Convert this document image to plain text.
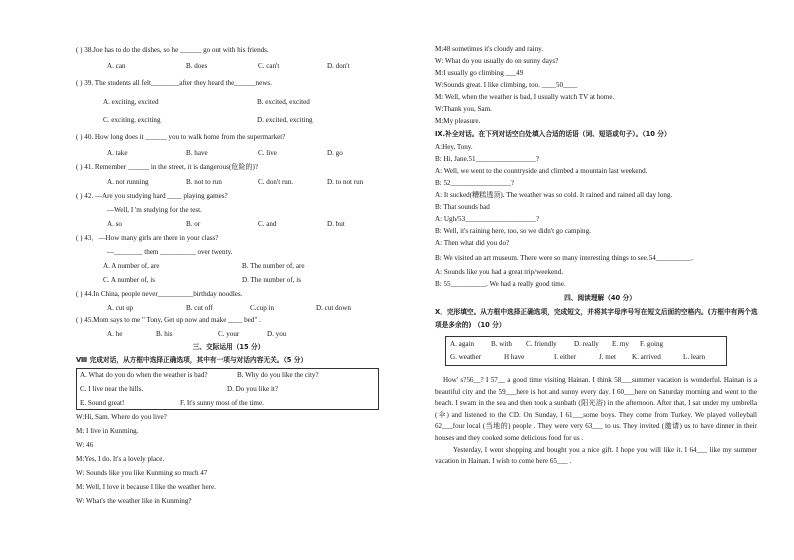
( ) 38.Joe has to do the dishes, so he ______ go out with his friends.
A. can	B. does	C. can't	D. don't
( ) 39. The students all felt________after they heard the______news.
A. exciting, excited	B. excited, excited
C. exciting, exciting	D. excited, exciting
( ) 40. How long does it ______ you to walk home from the supermarket?
A. take	B. have	C. live	D. go
( ) 41. Remember ______ in the street, it is dangerous(危险的)?
A. not running	B. not to run	C. don't run.	D. to not run
( ) 42. —Are you studying hard ____ playing games?
—Well, I 'm studying for the test.
A. so	B. or	C. and	D. but
( ) 43．—How many girls are there in your class?
—________ them __________ over twenty.
A. A number of, are	B. The number of, are
C. A number of, is	D. The number of, is
( ) 44.In China, people never__________birthday noodles.
A. cut up	B. cut off	C.cup in	D. cut down
( ) 45.Mom says to me " Tony, Get up now and make ____ bed" .
A. he	B. his	C. your	D. you
三、交际运用（15 分）
Ⅷ 完成对话，从方框中选择正确选项，其中有一项与对话内容无关。（5 分）
A. What do you do when the weather is bad?	B. Why do you like the city?
C. I live near the hills.	D. Do you like it?
E. Sound great!	F. It's sunny most of the time.
W:Hi, Sam. Where do you live?
M: I live in Kunming.
W: 46
M:Yes, I do. It's a lovely place.
W: Sounds like you like Kunming so much 47
M: Well, I love it because I like the weather here.
W: What's the weather like in Kunming?
M:48 sometimes it's cloudy and rainy.
W: What do you usually do on sunny days?
M:I usually go climbing ___49
W:Sounds great. I like climbing, too. ____50____
M: Well, when the weather is bad, I usually watch TV at home.
W:Thank you, Sam.
M:My pleasure.
Ⅸ.补全对话。在下列对话空白处填入合适的话语（词、短语或句子）。（10 分）
A:Hey, Tony.
B: Hi, Jane.51_________________?
A: Well, we went to the countryside and climbed a mountain last weekend.
B: 52_________________?
A: It sucked(糟糕透顶). The weather was so cold. It rained and rained all day long.
B: That sounds bad
A: Ugh/53____________________?
B: Well, it's raining here, too, so we didn't go camping.
A: Then what did you do?
B: We visited an art museum. There were so many interesting things to see.54__________.
A: Sounds like you had a great trip/weekend.
B: 55__________. We had a really good time.
四、阅读理解（40 分）
X．完形填空。从方框中选择正确选项，完成短文，并将其字母序号写在短文后面的空格内。(方框中有两个选项是多余的) （10 分）
A. again B. with C. friendly D. really E. my F. going
G. weather	H have	I. either	J. met K. arrived	L. learn

How' s?56__? I 57__ a good time visiting Hainan. I think 58___summer vacation is wonderful. Hainan is a beautiful city and the 59___here is hot and sunny every day. I 60___here on Saturday morning and went to the beach. I swam in the sea and then took a sunbath (阳光浴) in the afternoon. After that, I sat under my umbrella (伞) and listened to the CD. On Sunday, I 61___some boys. They come from Turkey. We played volleyball 62___four local (当地的) people . They were very 63___ to us. They invited (邀请) us to have dinner in their houses and they cooked some delicious food for us .

Yesterday, I went shopping and bought you a nice gift. I hope you will like it. I 64___ like my summer vacation in Hainan. I wish to come here 65___ .
